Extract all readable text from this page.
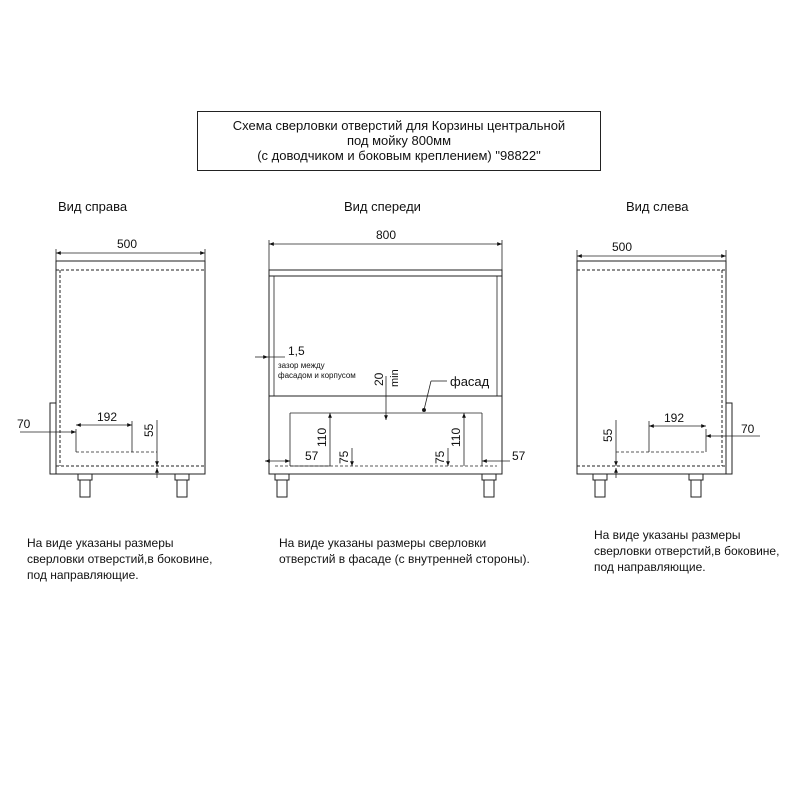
Схема сверловки отверстий для Корзины центральной
под мойку 800мм
(с доводчиком и боковым креплением) "98822"
Вид справа	Вид спереди	Вид слева
500
192
70	55
800
1,5
зазор между
фасадом и корпусом 20 min	фасад
110	110
57	57
75	75
500
192
70
55
На виде указаны размеры
сверловки отверстий,в боковине,
под направляющие.
На виде указаны размеры сверловки
отверстий в фасаде (с внутренней стороны).
На виде указаны размеры
сверловки отверстий,в боковине,
под направляющие.
